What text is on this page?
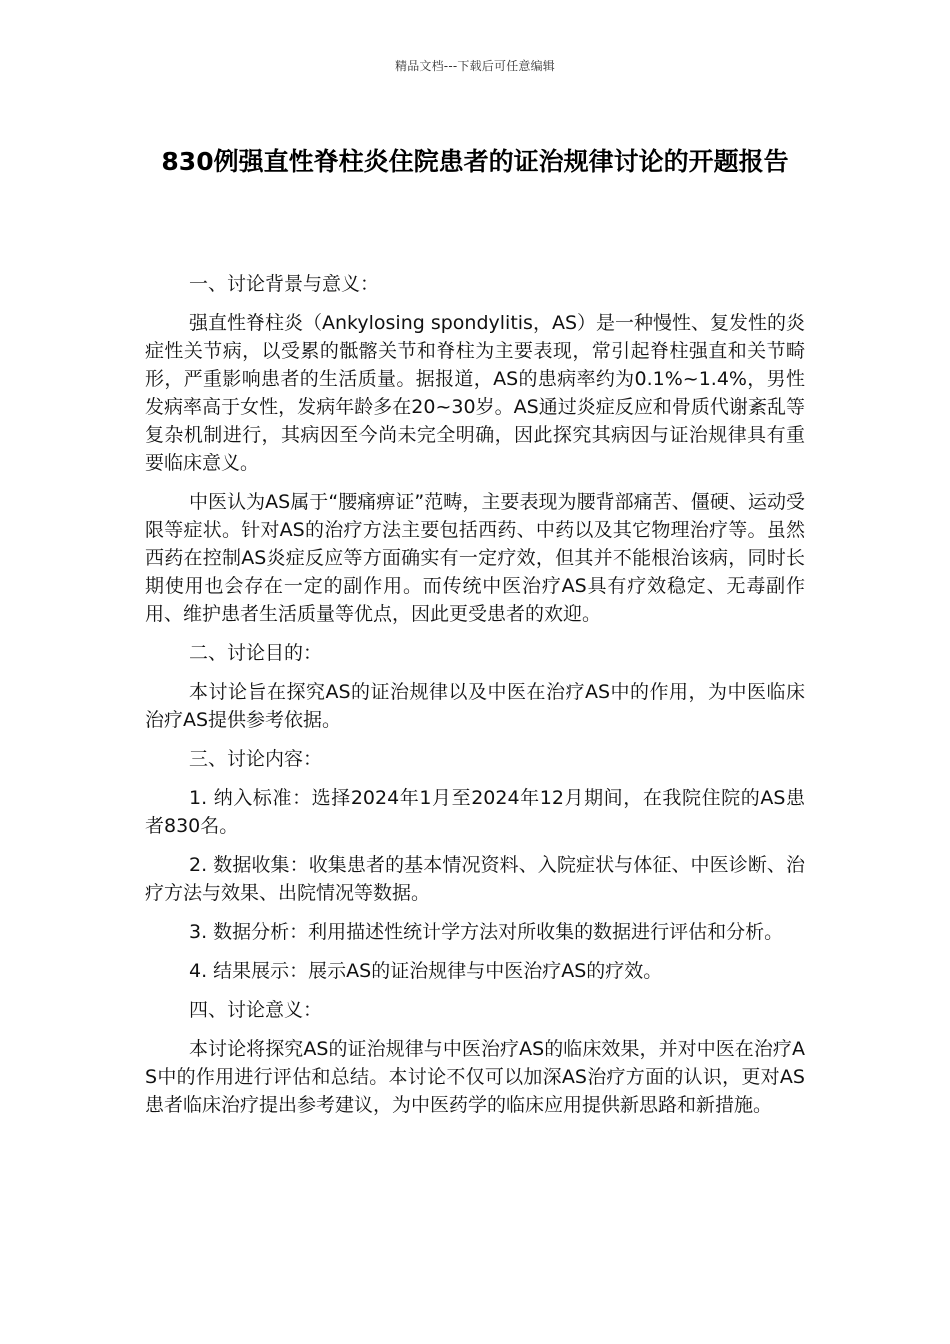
精品文档---下载后可任意编辑
830例强直性脊柱炎住院患者的证治规律讨论的开题报告

一、讨论背景与意义：

强直性脊柱炎（Ankylosing spondylitis，AS）是一种慢性、复发性的炎症性关节病，以受累的骶髂关节和脊柱为主要表现，常引起脊柱强直和关节畸形，严重影响患者的生活质量。据报道，AS的患病率约为0.1%~1.4%，男性发病率高于女性，发病年龄多在20~30岁。AS通过炎症反应和骨质代谢紊乱等复杂机制进行，其病因至今尚未完全明确，因此探究其病因与证治规律具有重要临床意义。

中医认为AS属于“腰痛痹证”范畴，主要表现为腰背部痛苦、僵硬、运动受限等症状。针对AS的治疗方法主要包括西药、中药以及其它物理治疗等。虽然西药在控制AS炎症反应等方面确实有一定疗效，但其并不能根治该病，同时长期使用也会存在一定的副作用。而传统中医治疗AS具有疗效稳定、无毒副作用、维护患者生活质量等优点，因此更受患者的欢迎。

二、讨论目的：

本讨论旨在探究AS的证治规律以及中医在治疗AS中的作用，为中医临床治疗AS提供参考依据。

三、讨论内容：

1. 纳入标准：选择2024年1月至2024年12月期间，在我院住院的AS患者830名。

2. 数据收集：收集患者的基本情况资料、入院症状与体征、中医诊断、治疗方法与效果、出院情况等数据。

3. 数据分析：利用描述性统计学方法对所收集的数据进行评估和分析。

4. 结果展示：展示AS的证治规律与中医治疗AS的疗效。

四、讨论意义：

本讨论将探究AS的证治规律与中医治疗AS的临床效果，并对中医在治疗AS中的作用进行评估和总结。本讨论不仅可以加深AS治疗方面的认识，更对AS患者临床治疗提出参考建议，为中医药学的临床应用提供新思路和新措施。
